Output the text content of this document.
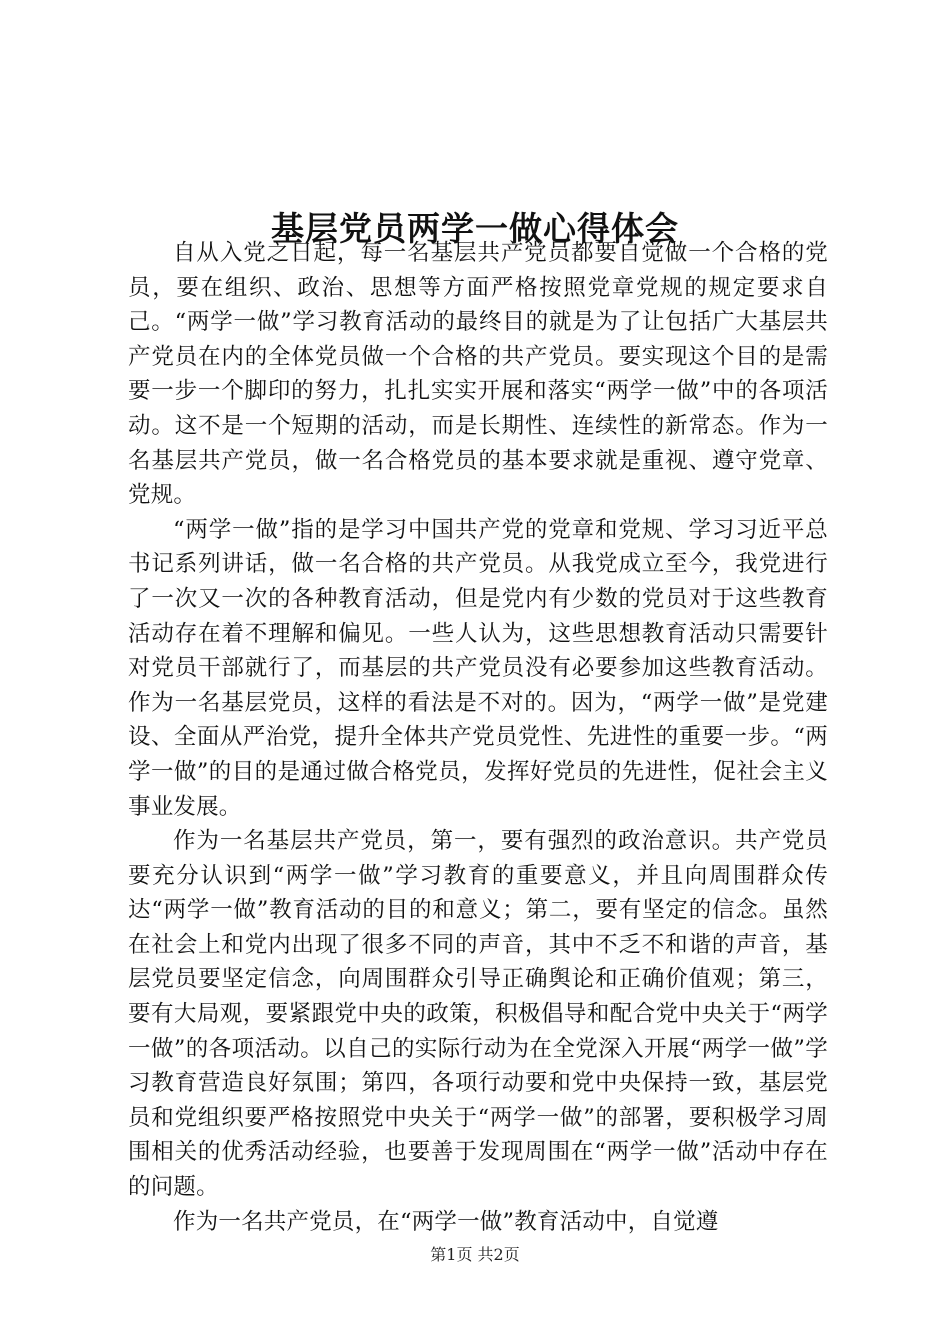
基层党员两学一做心得体会

自从入党之日起，每一名基层共产党员都要自觉做一个合格的党员，要在组织、政治、思想等方面严格按照党章党规的规定要求自己。“两学一做”学习教育活动的最终目的就是为了让包括广大基层共产党员在内的全体党员做一个合格的共产党员。要实现这个目的是需要一步一个脚印的努力，扎扎实实开展和落实“两学一做”中的各项活动。这不是一个短期的活动，而是长期性、连续性的新常态。作为一名基层共产党员，做一名合格党员的基本要求就是重视、遵守党章、党规。

“两学一做”指的是学习中国共产党的党章和党规、学习习近平总书记系列讲话，做一名合格的共产党员。从我党成立至今，我党进行了一次又一次的各种教育活动，但是党内有少数的党员对于这些教育活动存在着不理解和偏见。一些人认为，这些思想教育活动只需要针对党员干部就行了，而基层的共产党员没有必要参加这些教育活动。作为一名基层党员，这样的看法是不对的。因为，“两学一做”是党建设、全面从严治党，提升全体共产党员党性、先进性的重要一步。“两学一做”的目的是通过做合格党员，发挥好党员的先进性，促社会主义事业发展。

作为一名基层共产党员，第一，要有强烈的政治意识。共产党员要充分认识到“两学一做”学习教育的重要意义，并且向周围群众传达“两学一做”教育活动的目的和意义；第二，要有坚定的信念。虽然在社会上和党内出现了很多不同的声音，其中不乏不和谐的声音，基层党员要坚定信念，向周围群众引导正确舆论和正确价值观；第三，要有大局观，要紧跟党中央的政策，积极倡导和配合党中央关于“两学一做”的各项活动。以自己的实际行动为在全党深入开展“两学一做”学习教育营造良好氛围；第四，各项行动要和党中央保持一致，基层党员和党组织要严格按照党中央关于“两学一做”的部署，要积极学习周围相关的优秀活动经验，也要善于发现周围在“两学一做”活动中存在的问题。

作为一名共产党员，在“两学一做”教育活动中，自觉遵

第1页 共2页
